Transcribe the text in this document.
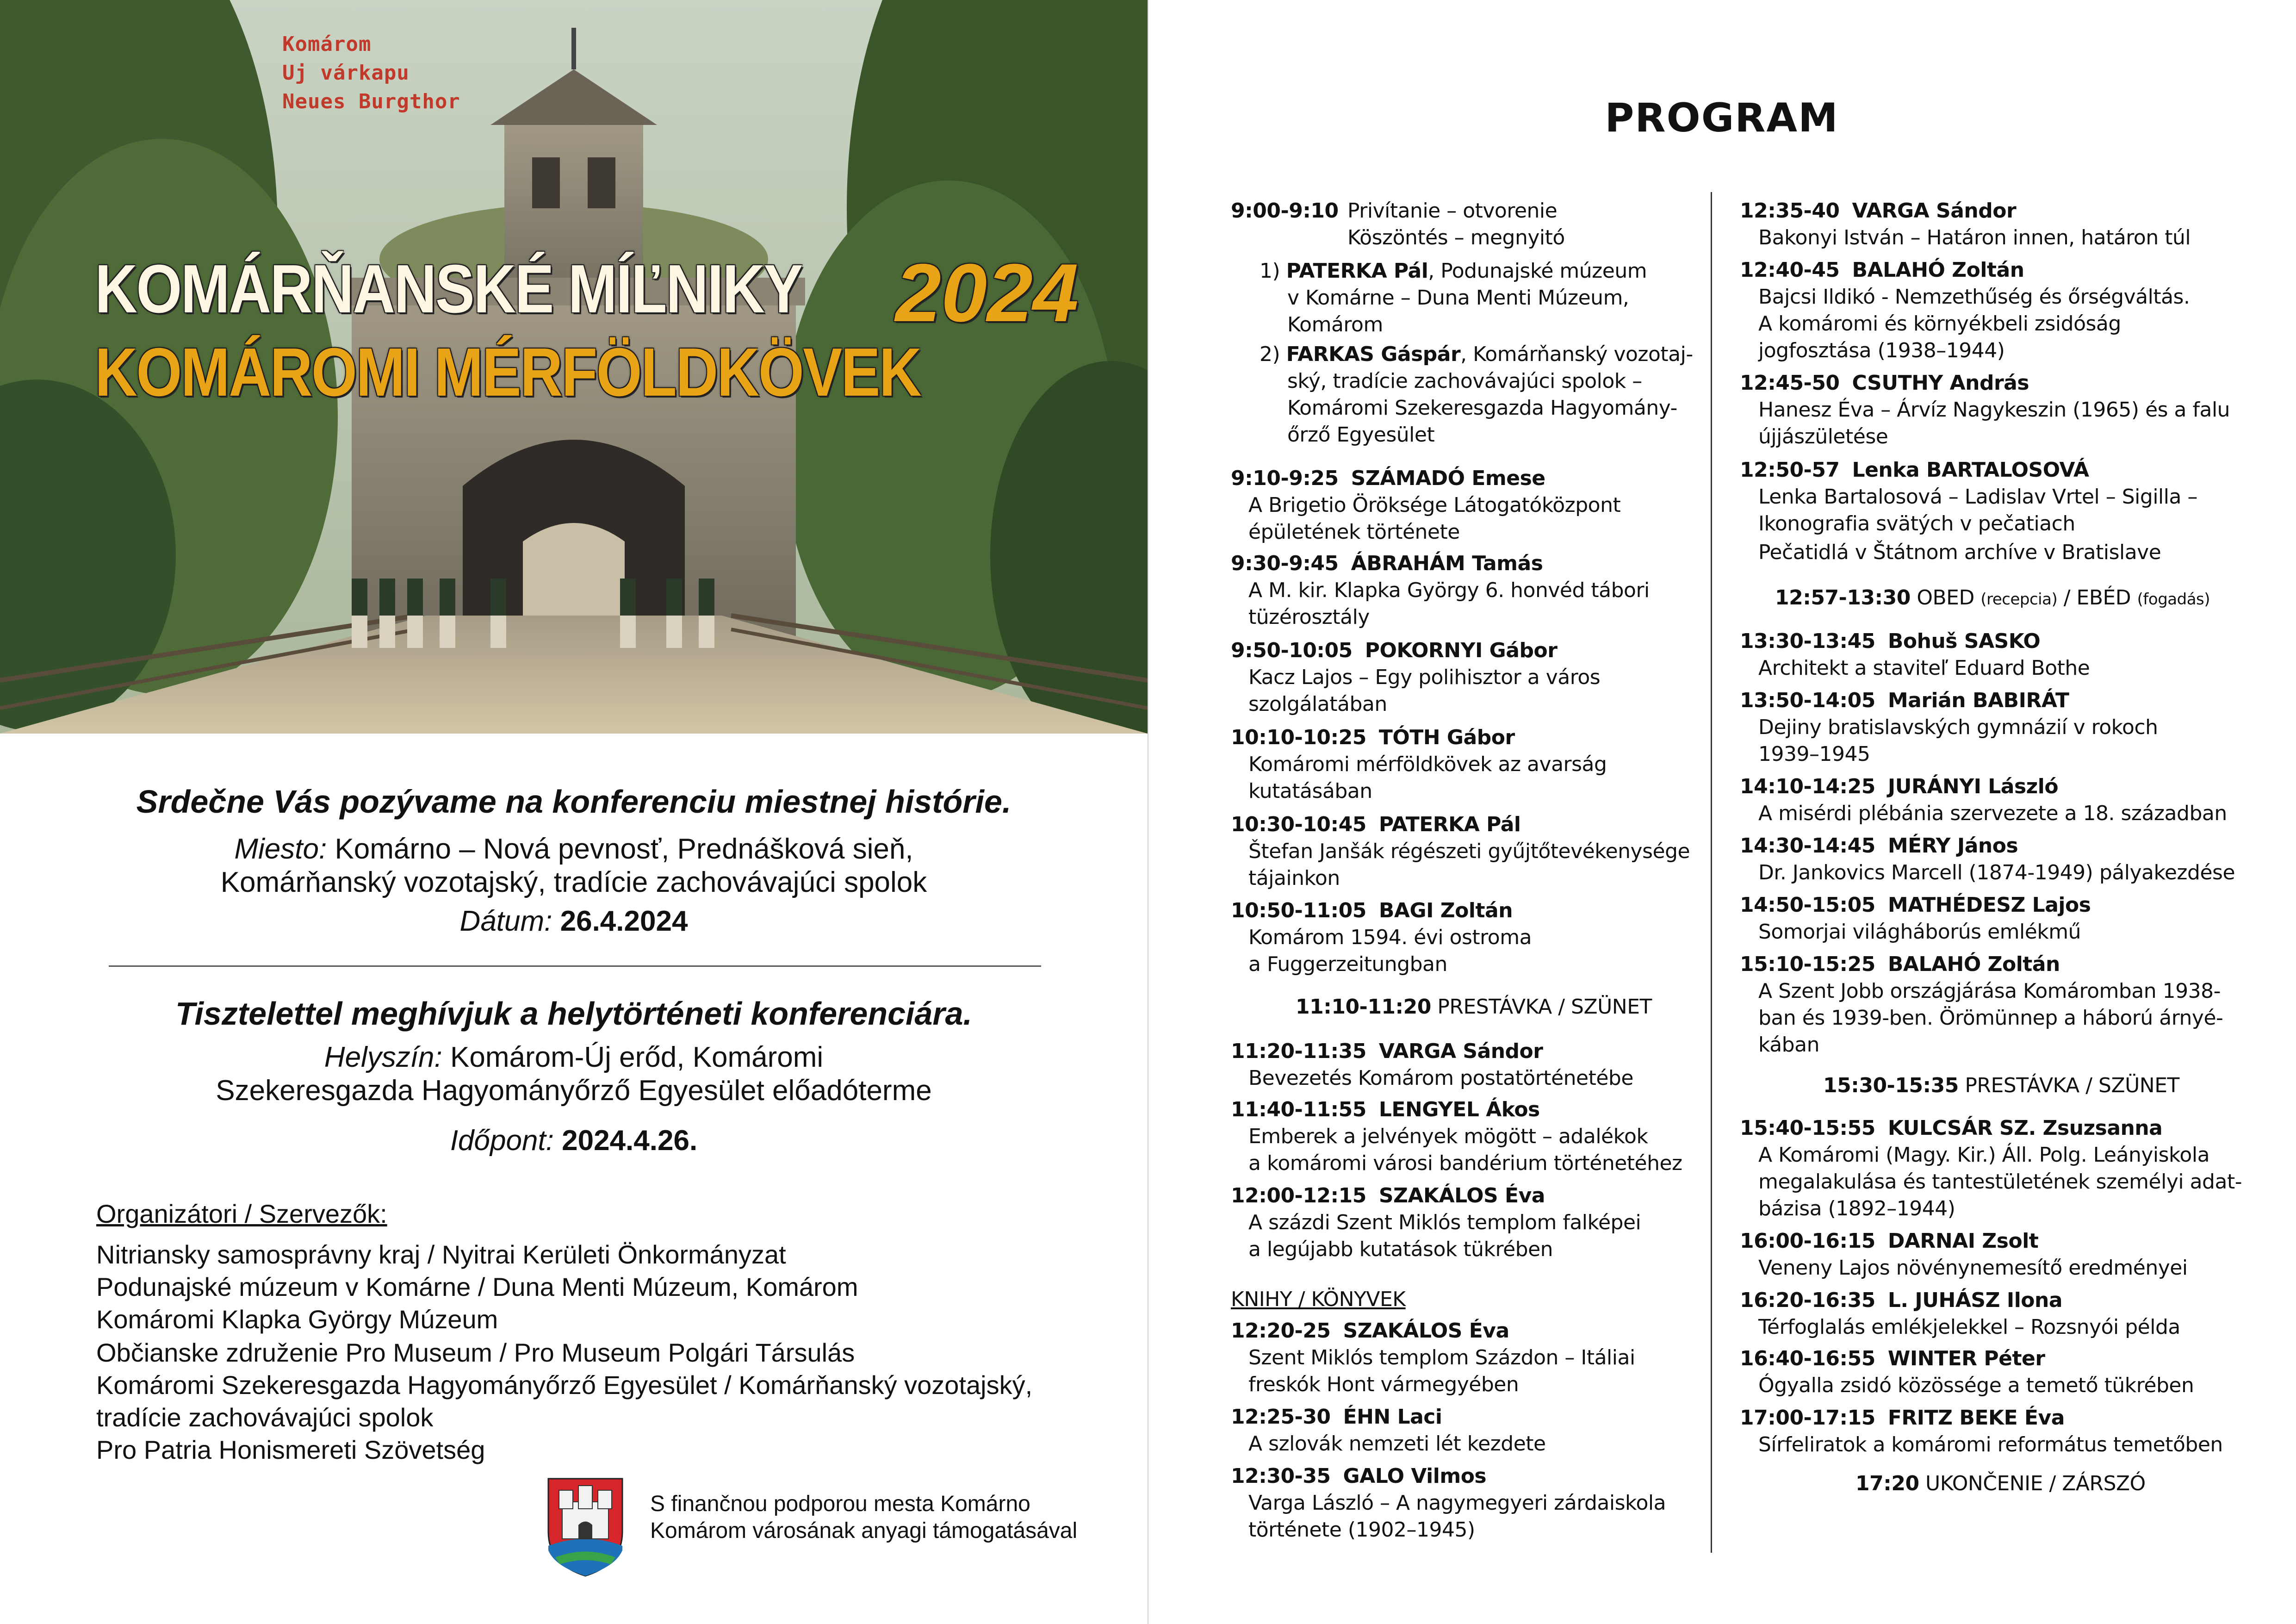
Komárom
Uj várkapu
Neues Burgthor
KOMÁRŇANSKÉ MÍĽNIKY 2024
KOMÁROMI MÉRFÖLDKÖVEK
Srdečne Vás pozývame na konferenciu miestnej histórie.
Miesto: Komárno – Nová pevnosť, Prednášková sieň,
Komárňanský vozotajský, tradície zachovávajúci spolok
Dátum: 26.4.2024
Tisztelettel meghívjuk a helytörténeti konferenciára.
Helyszín: Komárom-Új erőd, Komáromi
Szekeresgazda Hagyományőrző Egyesület előadóterme
Időpont: 2024.4.26.
Organizátori / Szervezők:
Nitriansky samosprávny kraj / Nyitrai Kerületi Önkormányzat
Podunajské múzeum v Komárne / Duna Menti Múzeum, Komárom
Komáromi Klapka György Múzeum
Občianske združenie Pro Museum / Pro Museum Polgári Társulás
Komáromi Szekeresgazda Hagyományőrző Egyesület / Komárňanský vozotajský,
tradície zachovávajúci spolok
Pro Patria Honismereti Szövetség
S finančnou podporou mesta Komárno
Komárom városának anyagi támogatásával
PROGRAM
9:00-9:10 Privítanie – otvorenie
Köszöntés – megnyitó
1) PATERKA Pál, Podunajské múzeum
v Komárne – Duna Menti Múzeum,
Komárom
2) FARKAS Gáspár, Komárňanský vozotaj-
ský, tradície zachovávajúci spolok –
Komáromi Szekeresgazda Hagyomány-
őrző Egyesület
9:10-9:25 SZÁMADÓ Emese
A Brigetio Öröksége Látogatóközpont
épületének története
9:30-9:45 ÁBRAHÁM Tamás
A M. kir. Klapka György 6. honvéd tábori
tüzérosztály
9:50-10:05 POKORNYI Gábor
Kacz Lajos – Egy polihisztor a város
szolgálatában
10:10-10:25 TÓTH Gábor
Komáromi mérföldkövek az avarság
kutatásában
10:30-10:45 PATERKA Pál
Štefan Janšák régészeti gyűjtőtevékenysége
tájainkon
10:50-11:05 BAGI Zoltán
Komárom 1594. évi ostroma
a Fuggerzeitungban
11:10-11:20 PRESTÁVKA / SZÜNET
11:20-11:35 VARGA Sándor
Bevezetés Komárom postatörténetébe
11:40-11:55 LENGYEL Ákos
Emberek a jelvények mögött – adalékok
a komáromi városi bandérium történetéhez
12:00-12:15 SZAKÁLOS Éva
A százdi Szent Miklós templom falképei
a legújabb kutatások tükrében
KNIHY / KÖNYVEK
12:20-25 SZAKÁLOS Éva
Szent Miklós templom Százdon – Itáliai
freskók Hont vármegyében
12:25-30 ÉHN Laci
A szlovák nemzeti lét kezdete
12:30-35 GALO Vilmos
Varga László – A nagymegyeri zárdaiskola
története (1902–1945)
12:35-40 VARGA Sándor
Bakonyi István – Határon innen, határon túl
12:40-45 BALAHÓ Zoltán
Bajcsi Ildikó - Nemzethűség és őrségváltás.
A komáromi és környékbeli zsidóság
jogfosztása (1938–1944)
12:45-50 CSUTHY András
Hanesz Éva – Árvíz Nagykeszin (1965) és a falu
újjászületése
12:50-57 Lenka BARTALOSOVÁ
Lenka Bartalosová – Ladislav Vrtel – Sigilla –
Ikonografia svätých v pečatiach
Pečatidlá v Štátnom archíve v Bratislave
12:57-13:30 OBED (recepcia) / EBÉD (fogadás)
13:30-13:45 Bohuš SASKO
Architekt a staviteľ Eduard Bothe
13:50-14:05 Marián BABIRÁT
Dejiny bratislavských gymnázií v rokoch
1939–1945
14:10-14:25 JURÁNYI László
A misérdi plébánia szervezete a 18. században
14:30-14:45 MÉRY János
Dr. Jankovics Marcell (1874-1949) pályakezdése
14:50-15:05 MATHÉDESZ Lajos
Somorjai világháborús emlékmű
15:10-15:25 BALAHÓ Zoltán
A Szent Jobb országjárása Komáromban 1938-
ban és 1939-ben. Örömünnep a háború árnyé-
kában
15:30-15:35 PRESTÁVKA / SZÜNET
15:40-15:55 KULCSÁR SZ. Zsuzsanna
A Komáromi (Magy. Kir.) Áll. Polg. Leányiskola
megalakulása és tantestületének személyi adat-
bázisa (1892–1944)
16:00-16:15 DARNAI Zsolt
Veneny Lajos növénynemesítő eredményei
16:20-16:35 L. JUHÁSZ Ilona
Térfoglalás emlékjelekkel – Rozsnyói példa
16:40-16:55 WINTER Péter
Ógyalla zsidó közössége a temető tükrében
17:00-17:15 FRITZ BEKE Éva
Sírfeliratok a komáromi református temetőben
17:20 UKONČENIE / ZÁRSZÓ
